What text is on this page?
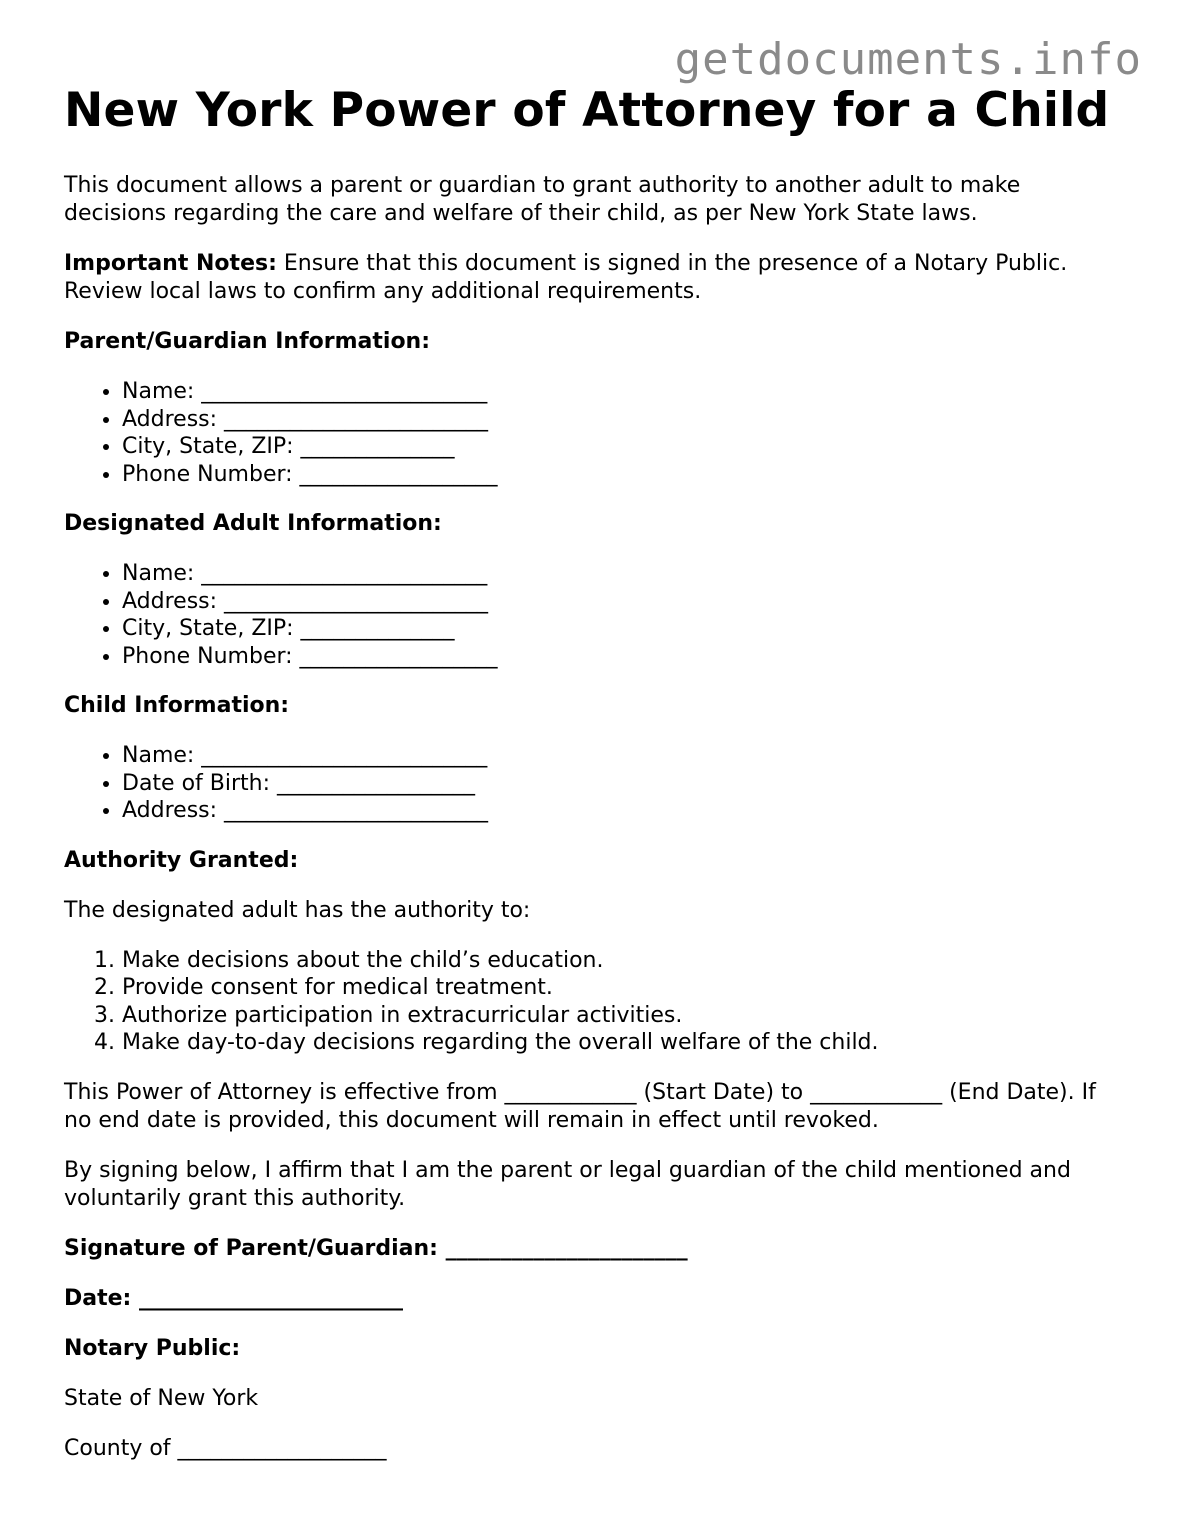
getdocuments.info
New York Power of Attorney for a Child

This document allows a parent or guardian to grant authority to another adult to make decisions regarding the care and welfare of their child, as per New York State laws.

Important Notes: Ensure that this document is signed in the presence of a Notary Public. Review local laws to confirm any additional requirements.

Parent/Guardian Information:

• Name: __________________________
• Address: ________________________
• City, State, ZIP: ______________
• Phone Number: __________________

Designated Adult Information:

• Name: __________________________
• Address: ________________________
• City, State, ZIP: ______________
• Phone Number: __________________

Child Information:

• Name: __________________________
• Date of Birth: __________________
• Address: ________________________

Authority Granted:

The designated adult has the authority to:

1. Make decisions about the child’s education.
2. Provide consent for medical treatment.
3. Authorize participation in extracurricular activities.
4. Make day-to-day decisions regarding the overall welfare of the child.

This Power of Attorney is effective from ____________ (Start Date) to ____________ (End Date). If no end date is provided, this document will remain in effect until revoked.

By signing below, I affirm that I am the parent or legal guardian of the child mentioned and voluntarily grant this authority.

Signature of Parent/Guardian: ______________________

Date: ________________________

Notary Public:

State of New York

County of ___________________
